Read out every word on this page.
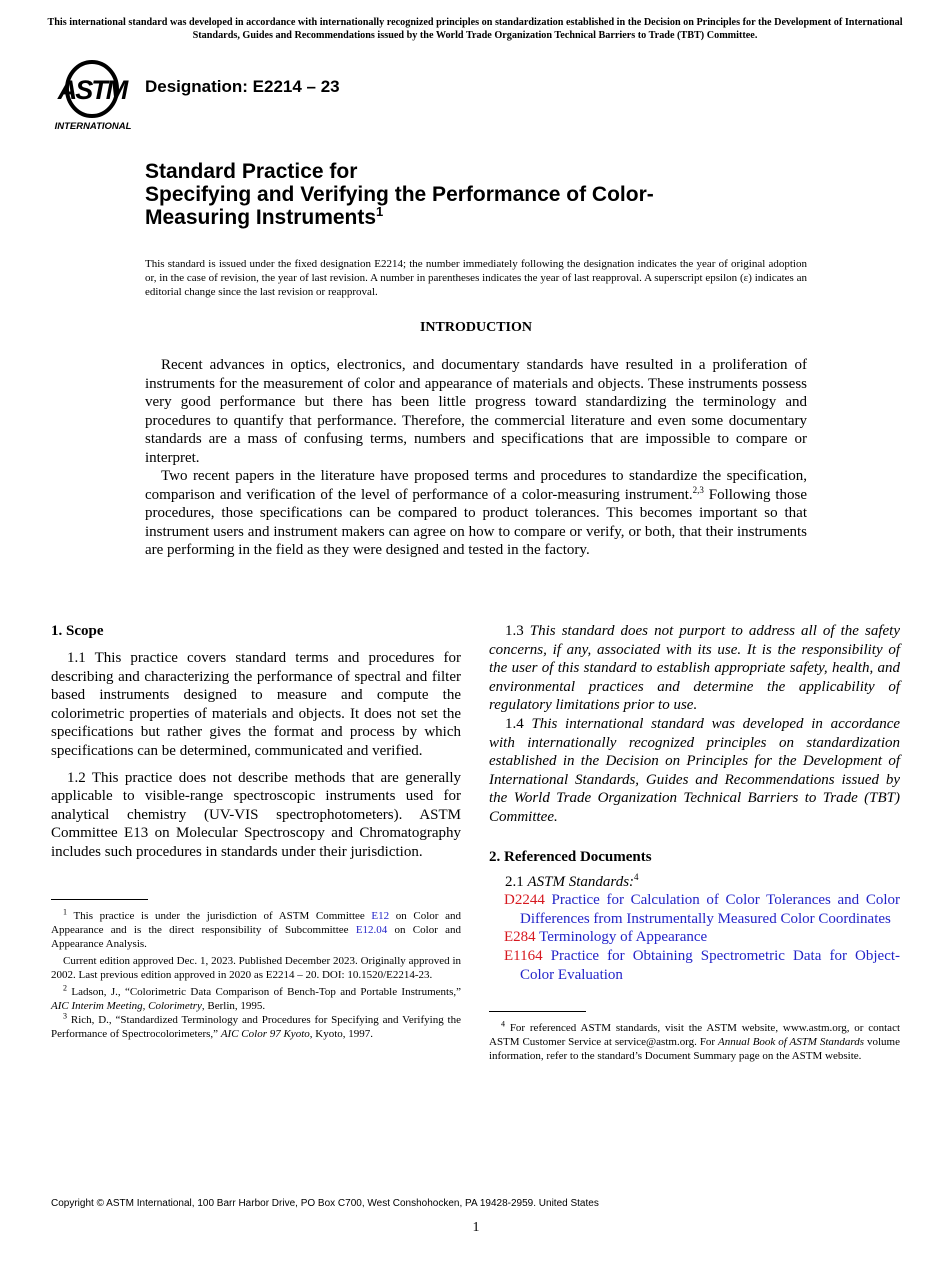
This international standard was developed in accordance with internationally recognized principles on standardization established in the Decision on Principles for the Development of International Standards, Guides and Recommendations issued by the World Trade Organization Technical Barriers to Trade (TBT) Committee.
ASTM
INTERNATIONAL
Designation: E2214 – 23
Standard Practice for
Specifying and Verifying the Performance of Color-
Measuring Instruments$^1$
This standard is issued under the fixed designation E2214; the number immediately following the designation indicates the year of original adoption or, in the case of revision, the year of last revision. A number in parentheses indicates the year of last reapproval. A superscript epsilon (ε) indicates an editorial change since the last revision or reapproval.
INTRODUCTION

Recent advances in optics, electronics, and documentary standards have resulted in a proliferation of instruments for the measurement of color and appearance of materials and objects. These instruments possess very good performance but there has been little progress toward standardizing the terminology and procedures to quantify that performance. Therefore, the commercial literature and even some documentary standards are a mass of confusing terms, numbers and specifications that are impossible to compare or interpret.

Two recent papers in the literature have proposed terms and procedures to standardize the specification, comparison and verification of the level of performance of a color-measuring instrument.$^{2,3}$ Following those procedures, those specifications can be compared to product tolerances. This becomes important so that instrument users and instrument makers can agree on how to compare or verify, or both, that their instruments are performing in the field as they were designed and tested in the factory.

1. Scope

1.1 This practice covers standard terms and procedures for describing and characterizing the performance of spectral and filter based instruments designed to measure and compute the colorimetric properties of materials and objects. It does not set the specifications but rather gives the format and process by which specifications can be determined, communicated and verified.

1.2 This practice does not describe methods that are generally applicable to visible-range spectroscopic instruments used for analytical chemistry (UV-VIS spectrophotometers). ASTM Committee E13 on Molecular Spectroscopy and Chromatography includes such procedures in standards under their jurisdiction.

$^1$ This practice is under the jurisdiction of ASTM Committee E12 on Color and Appearance and is the direct responsibility of Subcommittee E12.04 on Color and Appearance Analysis.

Current edition approved Dec. 1, 2023. Published December 2023. Originally approved in 2002. Last previous edition approved in 2020 as E2214 – 20. DOI: 10.1520/E2214-23.

$^2$ Ladson, J., “Colorimetric Data Comparison of Bench-Top and Portable Instruments,” AIC Interim Meeting, Colorimetry, Berlin, 1995.

$^3$ Rich, D., “Standardized Terminology and Procedures for Specifying and Verifying the Performance of Spectrocolorimeters,” AIC Color 97 Kyoto, Kyoto, 1997.

1.3 This standard does not purport to address all of the safety concerns, if any, associated with its use. It is the responsibility of the user of this standard to establish appropriate safety, health, and environmental practices and determine the applicability of regulatory limitations prior to use.

1.4 This international standard was developed in accordance with internationally recognized principles on standardization established in the Decision on Principles for the Development of International Standards, Guides and Recommendations issued by the World Trade Organization Technical Barriers to Trade (TBT) Committee.

2. Referenced Documents

2.1 ASTM Standards:$^4$

D2244 Practice for Calculation of Color Tolerances and Color Differences from Instrumentally Measured Color Coordinates

E284 Terminology of Appearance

E1164 Practice for Obtaining Spectrometric Data for Object-Color Evaluation

$^4$ For referenced ASTM standards, visit the ASTM website, www.astm.org, or contact ASTM Customer Service at service@astm.org. For Annual Book of ASTM Standards volume information, refer to the standard’s Document Summary page on the ASTM website.

Copyright © ASTM International, 100 Barr Harbor Drive, PO Box C700, West Conshohocken, PA 19428-2959. United States
1
